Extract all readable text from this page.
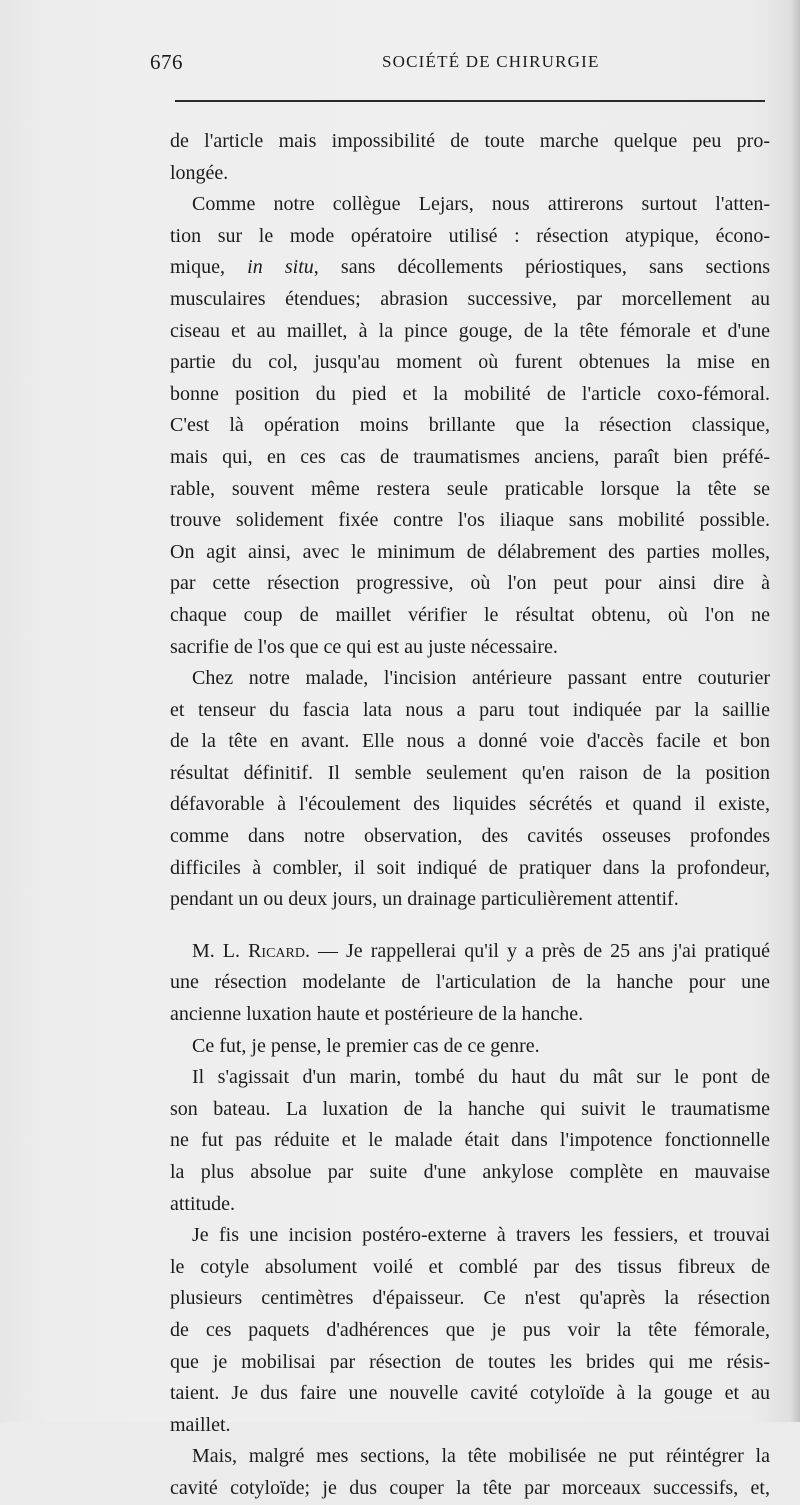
676	SOCIÉTÉ DE CHIRURGIE
de l'article mais impossibilité de toute marche quelque peu pro-
longée.
Comme notre collègue Lejars, nous attirerons surtout l'atten-
tion sur le mode opératoire utilisé : résection atypique, écono-
mique, in situ, sans décollements périostiques, sans sections
musculaires étendues; abrasion successive, par morcellement au
ciseau et au maillet, à la pince gouge, de la tête fémorale et d'une
partie du col, jusqu'au moment où furent obtenues la mise en
bonne position du pied et la mobilité de l'article coxo-fémoral.
C'est là opération moins brillante que la résection classique,
mais qui, en ces cas de traumatismes anciens, paraît bien préfé-
rable, souvent même restera seule praticable lorsque la tête se
trouve solidement fixée contre l'os iliaque sans mobilité possible.
On agit ainsi, avec le minimum de délabrement des parties molles,
par cette résection progressive, où l'on peut pour ainsi dire à
chaque coup de maillet vérifier le résultat obtenu, où l'on ne
sacrifie de l'os que ce qui est au juste nécessaire.
Chez notre malade, l'incision antérieure passant entre couturier
et tenseur du fascia lata nous a paru tout indiquée par la saillie
de la tête en avant. Elle nous a donné voie d'accès facile et bon
résultat définitif. Il semble seulement qu'en raison de la position
défavorable à l'écoulement des liquides sécrétés et quand il existe,
comme dans notre observation, des cavités osseuses profondes
difficiles à combler, il soit indiqué de pratiquer dans la profondeur,
pendant un ou deux jours, un drainage particulièrement attentif.
M. L. Ricard. — Je rappellerai qu'il y a près de 25 ans j'ai pratiqué
une résection modelante de l'articulation de la hanche pour une
ancienne luxation haute et postérieure de la hanche.
Ce fut, je pense, le premier cas de ce genre.
Il s'agissait d'un marin, tombé du haut du mât sur le pont de
son bateau. La luxation de la hanche qui suivit le traumatisme
ne fut pas réduite et le malade était dans l'impotence fonctionnelle
la plus absolue par suite d'une ankylose complète en mauvaise
attitude.
Je fis une incision postéro-externe à travers les fessiers, et trouvai
le cotyle absolument voilé et comblé par des tissus fibreux de
plusieurs centimètres d'épaisseur. Ce n'est qu'après la résection
de ces paquets d'adhérences que je pus voir la tête fémorale,
que je mobilisai par résection de toutes les brides qui me résis-
taient. Je dus faire une nouvelle cavité cotyloïde à la gouge et au
maillet.
Mais, malgré mes sections, la tête mobilisée ne put réintégrer la
cavité cotyloïde; je dus couper la tête par morceaux successifs, et,
